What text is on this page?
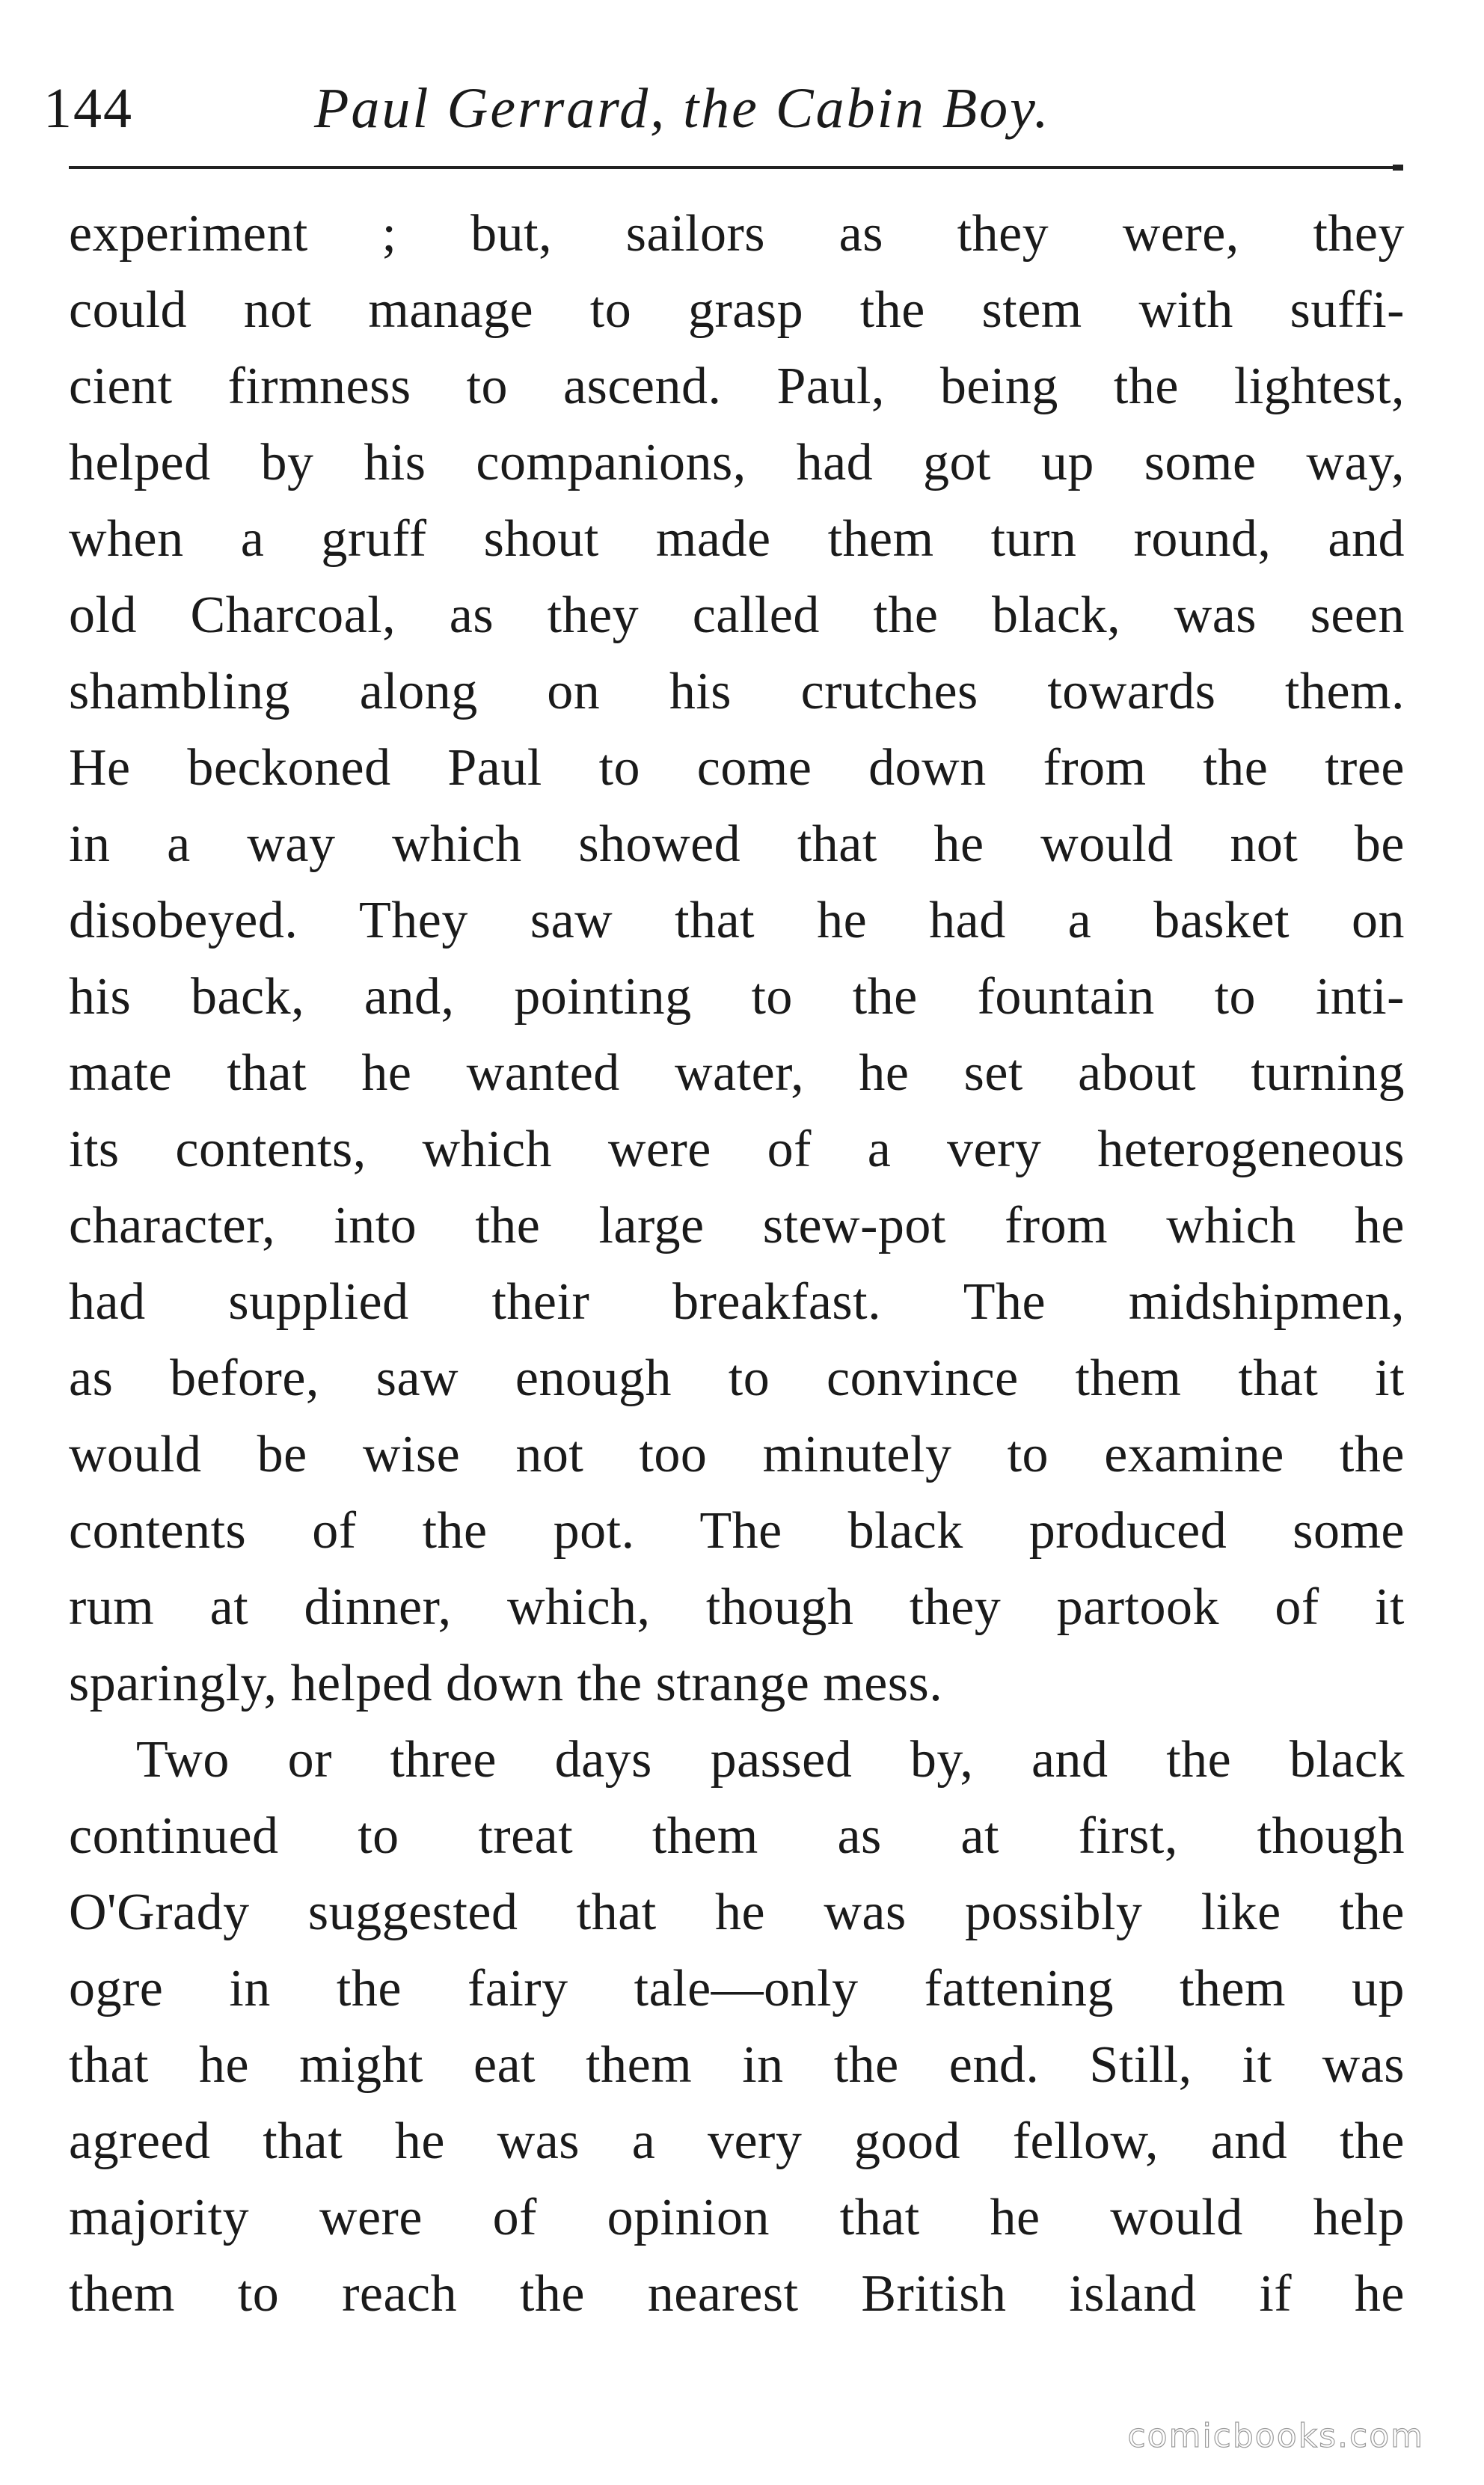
144	Paul Gerrard, the Cabin Boy.
experiment ; but, sailors as they were, they
could not manage to grasp the stem with suffi-
cient firmness to ascend. Paul, being the lightest,
helped by his companions, had got up some way,
when a gruff shout made them turn round, and
old Charcoal, as they called the black, was seen
shambling along on his crutches towards them.
He beckoned Paul to come down from the tree
in a way which showed that he would not be
disobeyed. They saw that he had a basket on
his back, and, pointing to the fountain to inti-
mate that he wanted water, he set about turning
its contents, which were of a very heterogeneous
character, into the large stew-pot from which he
had supplied their breakfast. The midshipmen,
as before, saw enough to convince them that it
would be wise not too minutely to examine the
contents of the pot. The black produced some
rum at dinner, which, though they partook of it
sparingly, helped down the strange mess.
Two or three days passed by, and the black
continued to treat them as at first, though
O'Grady suggested that he was possibly like the
ogre in the fairy tale—only fattening them up
that he might eat them in the end. Still, it was
agreed that he was a very good fellow, and the
majority were of opinion that he would help
them to reach the nearest British island if he
comicbooks.com
